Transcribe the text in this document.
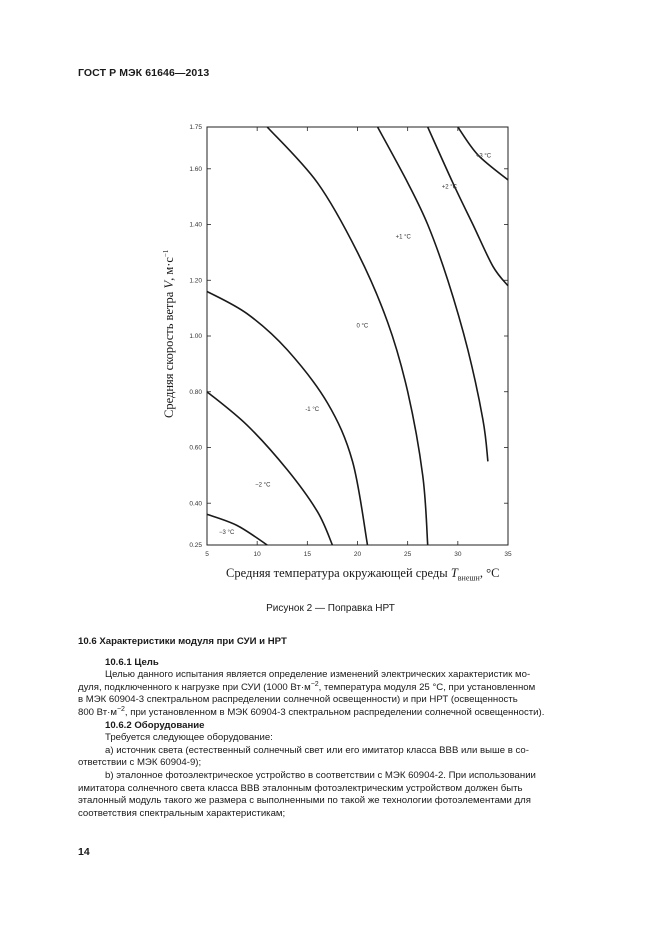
ГОСТ Р МЭК 61646—2013
5	10	15	20	25	30	35
0.25
0.40
0.60
0.80
1.00
1.20
1.40
1.60
1.75
+3 °C
+2 °C
+1 °C
0 °C
-1 °C
−2 °C
−3 °C
Средняя скорость ветра V, $м\cdot с^{-1}$
Средняя температура окружающей среды $T_{внешн}$, °C
Рисунок 2 — Поправка НРТ

10.6 Характеристики модуля при СУИ и НРТ

10.6.1 Цель

Целью данного испытания является определение изменений электрических характеристик мо-

дуля, подключенного к нагрузке при СУИ (1000 $Вт\cdot м^{-2}$, температура модуля 25 °C, при установленном

в МЭК 60904-3 спектральном распределении солнечной освещенности) и при НРТ (освещенность

800 $Вт\cdot м^{-2}$, при установленном в МЭК 60904-3 спектральном распределении солнечной освещенности).

10.6.2 Оборудование

Требуется следующее оборудование:

a) источник света (естественный солнечный свет или его имитатор класса ВВВ или выше в со-

ответствии с МЭК 60904-9);

b) эталонное фотоэлектрическое устройство в соответствии с МЭК 60904-2. При использовании

имитатора солнечного света класса ВВВ эталонным фотоэлектрическим устройством должен быть

эталонный модуль такого же размера с выполненными по такой же технологии фотоэлементами для

соответствия спектральным характеристикам;

14
